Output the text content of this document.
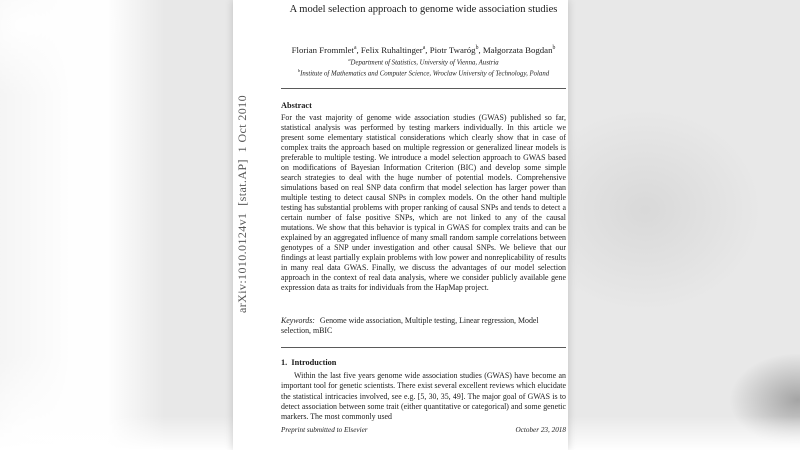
arXiv:1010.0124v1  [stat.AP]  1 Oct 2010
A model selection approach to genome wide association studies
Florian Frommlet$^a$, Felix Ruhaltinger$^a$, Piotr Twaróg$^b$, Małgorzata Bogdan$^b$
$^a$Department of Statistics, University of Vienna, Austria
$^b$Institute of Mathematics and Computer Science, Wroclaw University of Technology, Poland
Abstract

For the vast majority of genome wide association studies (GWAS) published so far, statistical analysis was performed by testing markers individually. In this article we present some elementary statistical considerations which clearly show that in case of complex traits the approach based on multiple regression or generalized linear models is preferable to multiple testing. We introduce a model selection approach to GWAS based on modifications of Bayesian Information Criterion (BIC) and develop some simple search strategies to deal with the huge number of potential models. Comprehensive simulations based on real SNP data confirm that model selection has larger power than multiple testing to detect causal SNPs in complex models. On the other hand multiple testing has substantial problems with proper ranking of causal SNPs and tends to detect a certain number of false positive SNPs, which are not linked to any of the causal mutations. We show that this behavior is typical in GWAS for complex traits and can be explained by an aggregated influence of many small random sample correlations between genotypes of a SNP under investigation and other causal SNPs. We believe that our findings at least partially explain problems with low power and nonreplicability of results in many real data GWAS. Finally, we discuss the advantages of our model selection approach in the context of real data analysis, where we consider publicly available gene expression data as traits for individuals from the HapMap project.

Keywords: Genome wide association, Multiple testing, Linear regression, Model selection, mBIC

1.  Introduction

Within the last five years genome wide association studies (GWAS) have become an important tool for genetic scientists. There exist several excellent reviews which elucidate the statistical intricacies involved, see e.g. [5, 30, 35, 49]. The major goal of GWAS is to detect association between some trait (either quantitative or categorical) and some genetic markers. The most commonly used

Preprint submitted to Elsevier	October 23, 2018
